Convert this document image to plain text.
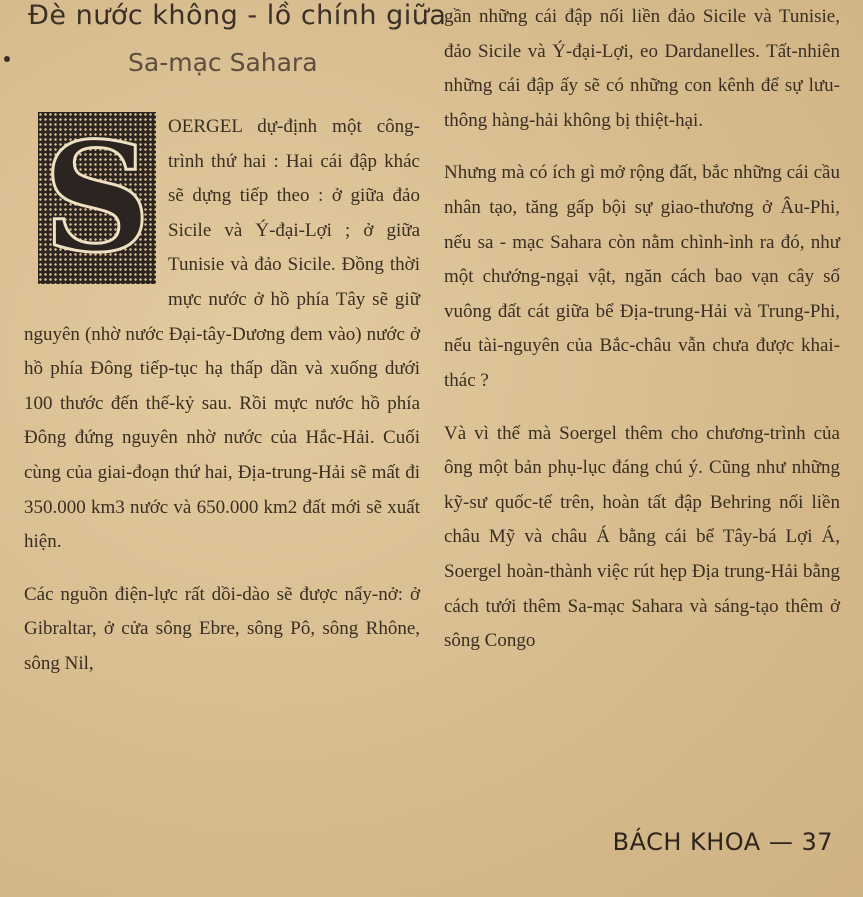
Đè nước không - lồ chính giữa
Sa-mạc Sahara
S OERGEL dự-định một công-trình thứ hai : Hai cái đập khác sẽ dựng tiếp theo : ở giữa đảo Sicile và Ý-đại-Lợi ; ở giữa Tunisie và đảo Sicile. Đồng thời mực nước ở hồ phía Tây sẽ giữ nguyên (nhờ nước Đại-tây-Dương đem vào) nước ở hồ phía Đông tiếp-tục hạ thấp dần và xuống dưới 100 thước đến thế-kỷ sau. Rồi mực nước hồ phía Đông đứng nguyên nhờ nước của Hắc-Hải. Cuối cùng của giai-đoạn thứ hai, Địa-trung-Hải sẽ mất đi 350.000 km3 nước và 650.000 km2 đất mới sẽ xuất hiện.

Các nguồn điện-lực rất dồi-dào sẽ được nẩy-nở: ở Gibraltar, ở cửa sông Ebre, sông Pô, sông Rhône, sông Nil,

gần những cái đập nối liền đảo Sicile và Tunisie, đảo Sicile và Ý-đại-Lợi, eo Dardanelles. Tất-nhiên những cái đập ấy sẽ có những con kênh để sự lưu-thông hàng-hải không bị thiệt-hại.

Nhưng mà có ích gì mở rộng đất, bắc những cái cầu nhân tạo, tăng gấp bội sự giao-thương ở Âu-Phi, nếu sa - mạc Sahara còn nằm chình-ình ra đó, như một chướng-ngại vật, ngăn cách bao vạn cây số vuông đất cát giữa bể Địa-trung-Hải và Trung-Phi, nếu tài-nguyên của Bắc-châu vẫn chưa được khai-thác ?

Và vì thế mà Soergel thêm cho chương-trình của ông một bản phụ-lục đáng chú ý. Cũng như những kỹ-sư quốc-tế trên, hoàn tất đập Behring nối liền châu Mỹ và châu Á bằng cái bể Tây-bá Lợi Á, Soergel hoàn-thành việc rút hẹp Địa trung-Hải bằng cách tưới thêm Sa-mạc Sahara và sáng-tạo thêm ở sông Congo

BÁCH KHOA — 37
